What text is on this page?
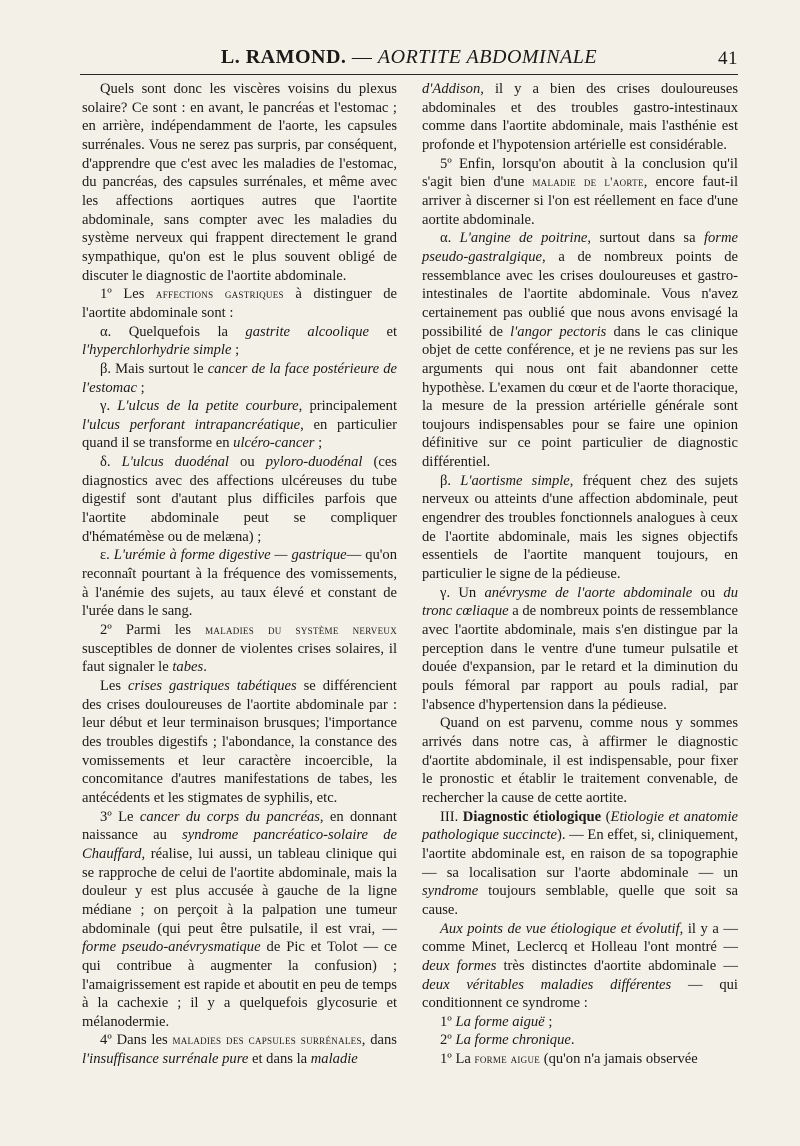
L. RAMOND. — AORTITE ABDOMINALE	41

Quels sont donc les viscères voisins du plexus solaire? Ce sont : en avant, le pancréas et l'estomac ; en arrière, indépendamment de l'aorte, les capsules surrénales. Vous ne serez pas surpris, par conséquent, d'apprendre que c'est avec les maladies de l'estomac, du pancréas, des capsules surrénales, et même avec les affections aortiques autres que l'aortite abdominale, sans compter avec les maladies du système nerveux qui frappent directement le grand sympathique, qu'on est le plus souvent obligé de discuter le diagnostic de l'aortite abdominale.

1º Les affections gastriques à distinguer de l'aortite abdominale sont :

α. Quelquefois la gastrite alcoolique et l'hyperchlorhydrie simple ;

β. Mais surtout le cancer de la face postérieure de l'estomac ;

γ. L'ulcus de la petite courbure, principalement l'ulcus perforant intrapancréatique, en particulier quand il se transforme en ulcéro-cancer ;

δ. L'ulcus duodénal ou pyloro-duodénal (ces diagnostics avec des affections ulcéreuses du tube digestif sont d'autant plus difficiles parfois que l'aortite abdominale peut se compliquer d'hématémèse ou de melæna) ;

ε. L'urémie à forme digestive — gastrique— qu'on reconnaît pourtant à la fréquence des vomissements, à l'anémie des sujets, au taux élevé et constant de l'urée dans le sang.

2º Parmi les maladies du système nerveux susceptibles de donner de violentes crises solaires, il faut signaler le tabes.

Les crises gastriques tabétiques se différencient des crises douloureuses de l'aortite abdominale par : leur début et leur terminaison brusques; l'importance des troubles digestifs ; l'abondance, la constance des vomissements et leur caractère incoercible, la concomitance d'autres manifestations de tabes, les antécédents et les stigmates de syphilis, etc.

3º Le cancer du corps du pancréas, en donnant naissance au syndrome pancréatico-solaire de Chauffard, réalise, lui aussi, un tableau clinique qui se rapproche de celui de l'aortite abdominale, mais la douleur y est plus accusée à gauche de la ligne médiane ; on perçoit à la palpation une tumeur abdominale (qui peut être pulsatile, il est vrai, — forme pseudo-anévrysmatique de Pic et Tolot — ce qui contribue à augmenter la confusion) ; l'amaigrissement est rapide et aboutit en peu de temps à la cachexie ; il y a quelquefois glycosurie et mélanodermie.

4º Dans les maladies des capsules surrénales, dans l'insuffisance surrénale pure et dans la maladie

d'Addison, il y a bien des crises douloureuses abdominales et des troubles gastro-intestinaux comme dans l'aortite abdominale, mais l'asthénie est profonde et l'hypotension artérielle est considérable.

5º Enfin, lorsqu'on aboutit à la conclusion qu'il s'agit bien d'une maladie de l'aorte, encore faut-il arriver à discerner si l'on est réellement en face d'une aortite abdominale.

α. L'angine de poitrine, surtout dans sa forme pseudo-gastralgique, a de nombreux points de ressemblance avec les crises douloureuses et gastro-intestinales de l'aortite abdominale. Vous n'avez certainement pas oublié que nous avons envisagé la possibilité de l'angor pectoris dans le cas clinique objet de cette conférence, et je ne reviens pas sur les arguments qui nous ont fait abandonner cette hypothèse. L'examen du cœur et de l'aorte thoracique, la mesure de la pression artérielle générale sont toujours indispensables pour se faire une opinion définitive sur ce point particulier de diagnostic différentiel.

β. L'aortisme simple, fréquent chez des sujets nerveux ou atteints d'une affection abdominale, peut engendrer des troubles fonctionnels analogues à ceux de l'aortite abdominale, mais les signes objectifs essentiels de l'aortite manquent toujours, en particulier le signe de la pédieuse.

γ. Un anévrysme de l'aorte abdominale ou du tronc cœliaque a de nombreux points de ressemblance avec l'aortite abdominale, mais s'en distingue par la perception dans le ventre d'une tumeur pulsatile et douée d'expansion, par le retard et la diminution du pouls fémoral par rapport au pouls radial, par l'absence d'hypertension dans la pédieuse.

Quand on est parvenu, comme nous y sommes arrivés dans notre cas, à affirmer le diagnostic d'aortite abdominale, il est indispensable, pour fixer le pronostic et établir le traitement convenable, de rechercher la cause de cette aortite.

III. Diagnostic étiologique (Etiologie et anatomie pathologique succincte). — En effet, si, cliniquement, l'aortite abdominale est, en raison de sa topographie — sa localisation sur l'aorte abdominale — un syndrome toujours semblable, quelle que soit sa cause.

Aux points de vue étiologique et évolutif, il y a — comme Minet, Leclercq et Holleau l'ont montré — deux formes très distinctes d'aortite abdominale — deux véritables maladies différentes — qui conditionnent ce syndrome :

1º La forme aiguë ;

2º La forme chronique.

1º La forme aigue (qu'on n'a jamais observée
